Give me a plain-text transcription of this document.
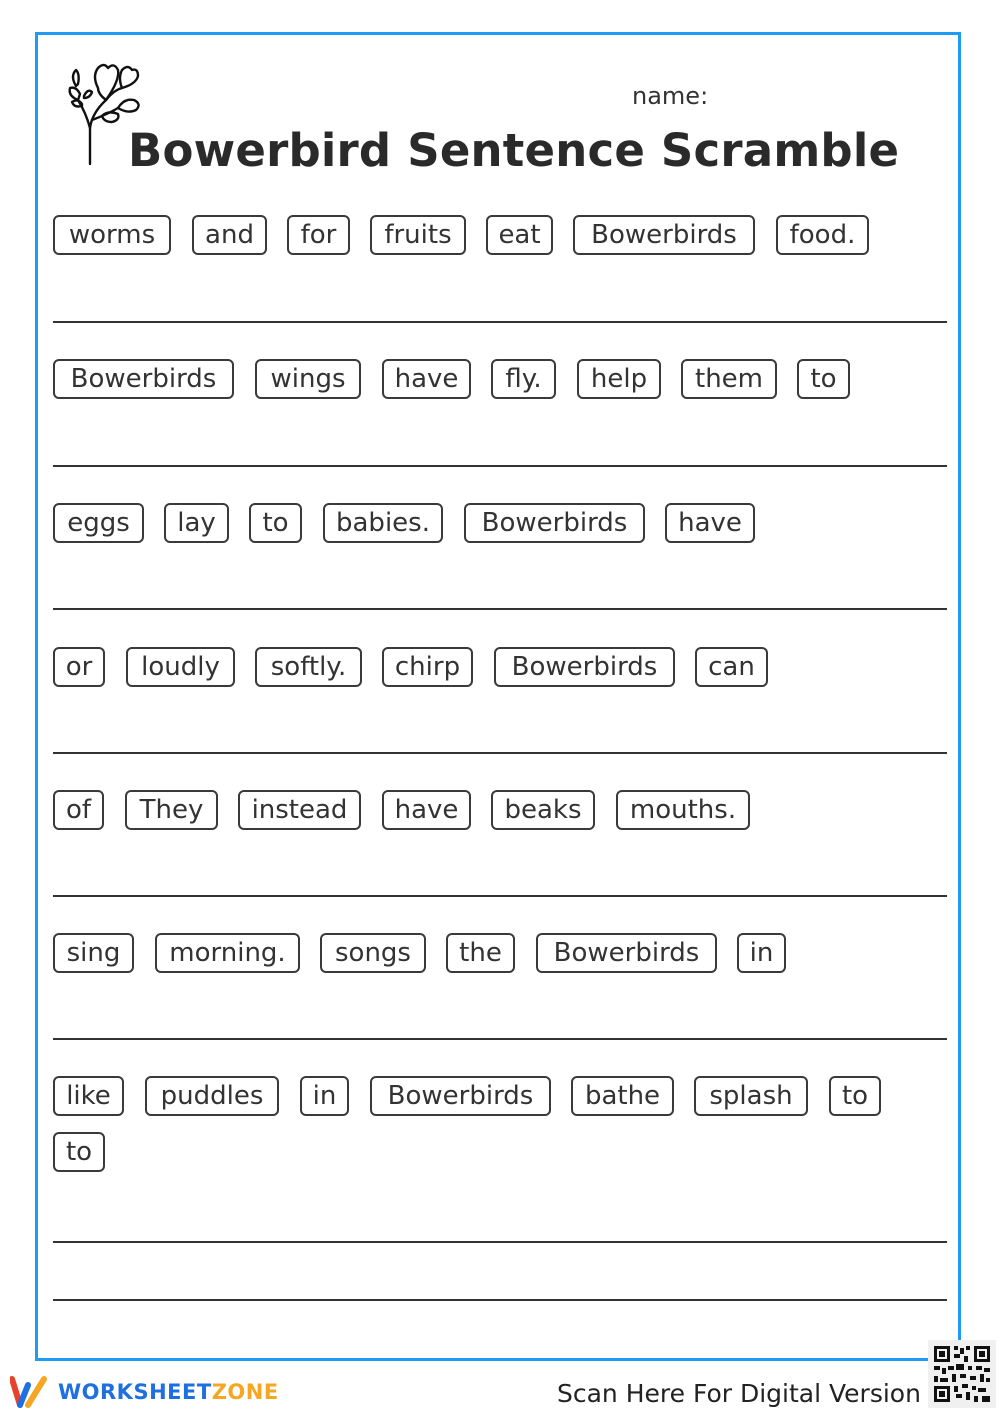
name:
Bowerbird Sentence Scramble
worms	and	for	fruits	eat	Bowerbirds	food.
Bowerbirds	wings	have	fly.	help	them	to
eggs	lay	to	babies.	Bowerbirds	have
or	loudly	softly.	chirp	Bowerbirds	can
of	They	instead	have	beaks	mouths.
sing	morning.	songs	the	Bowerbirds	in
like	puddles	in	Bowerbirds	bathe	splash	to
to
WORKSHEETZONE	Scan Here For Digital Version
